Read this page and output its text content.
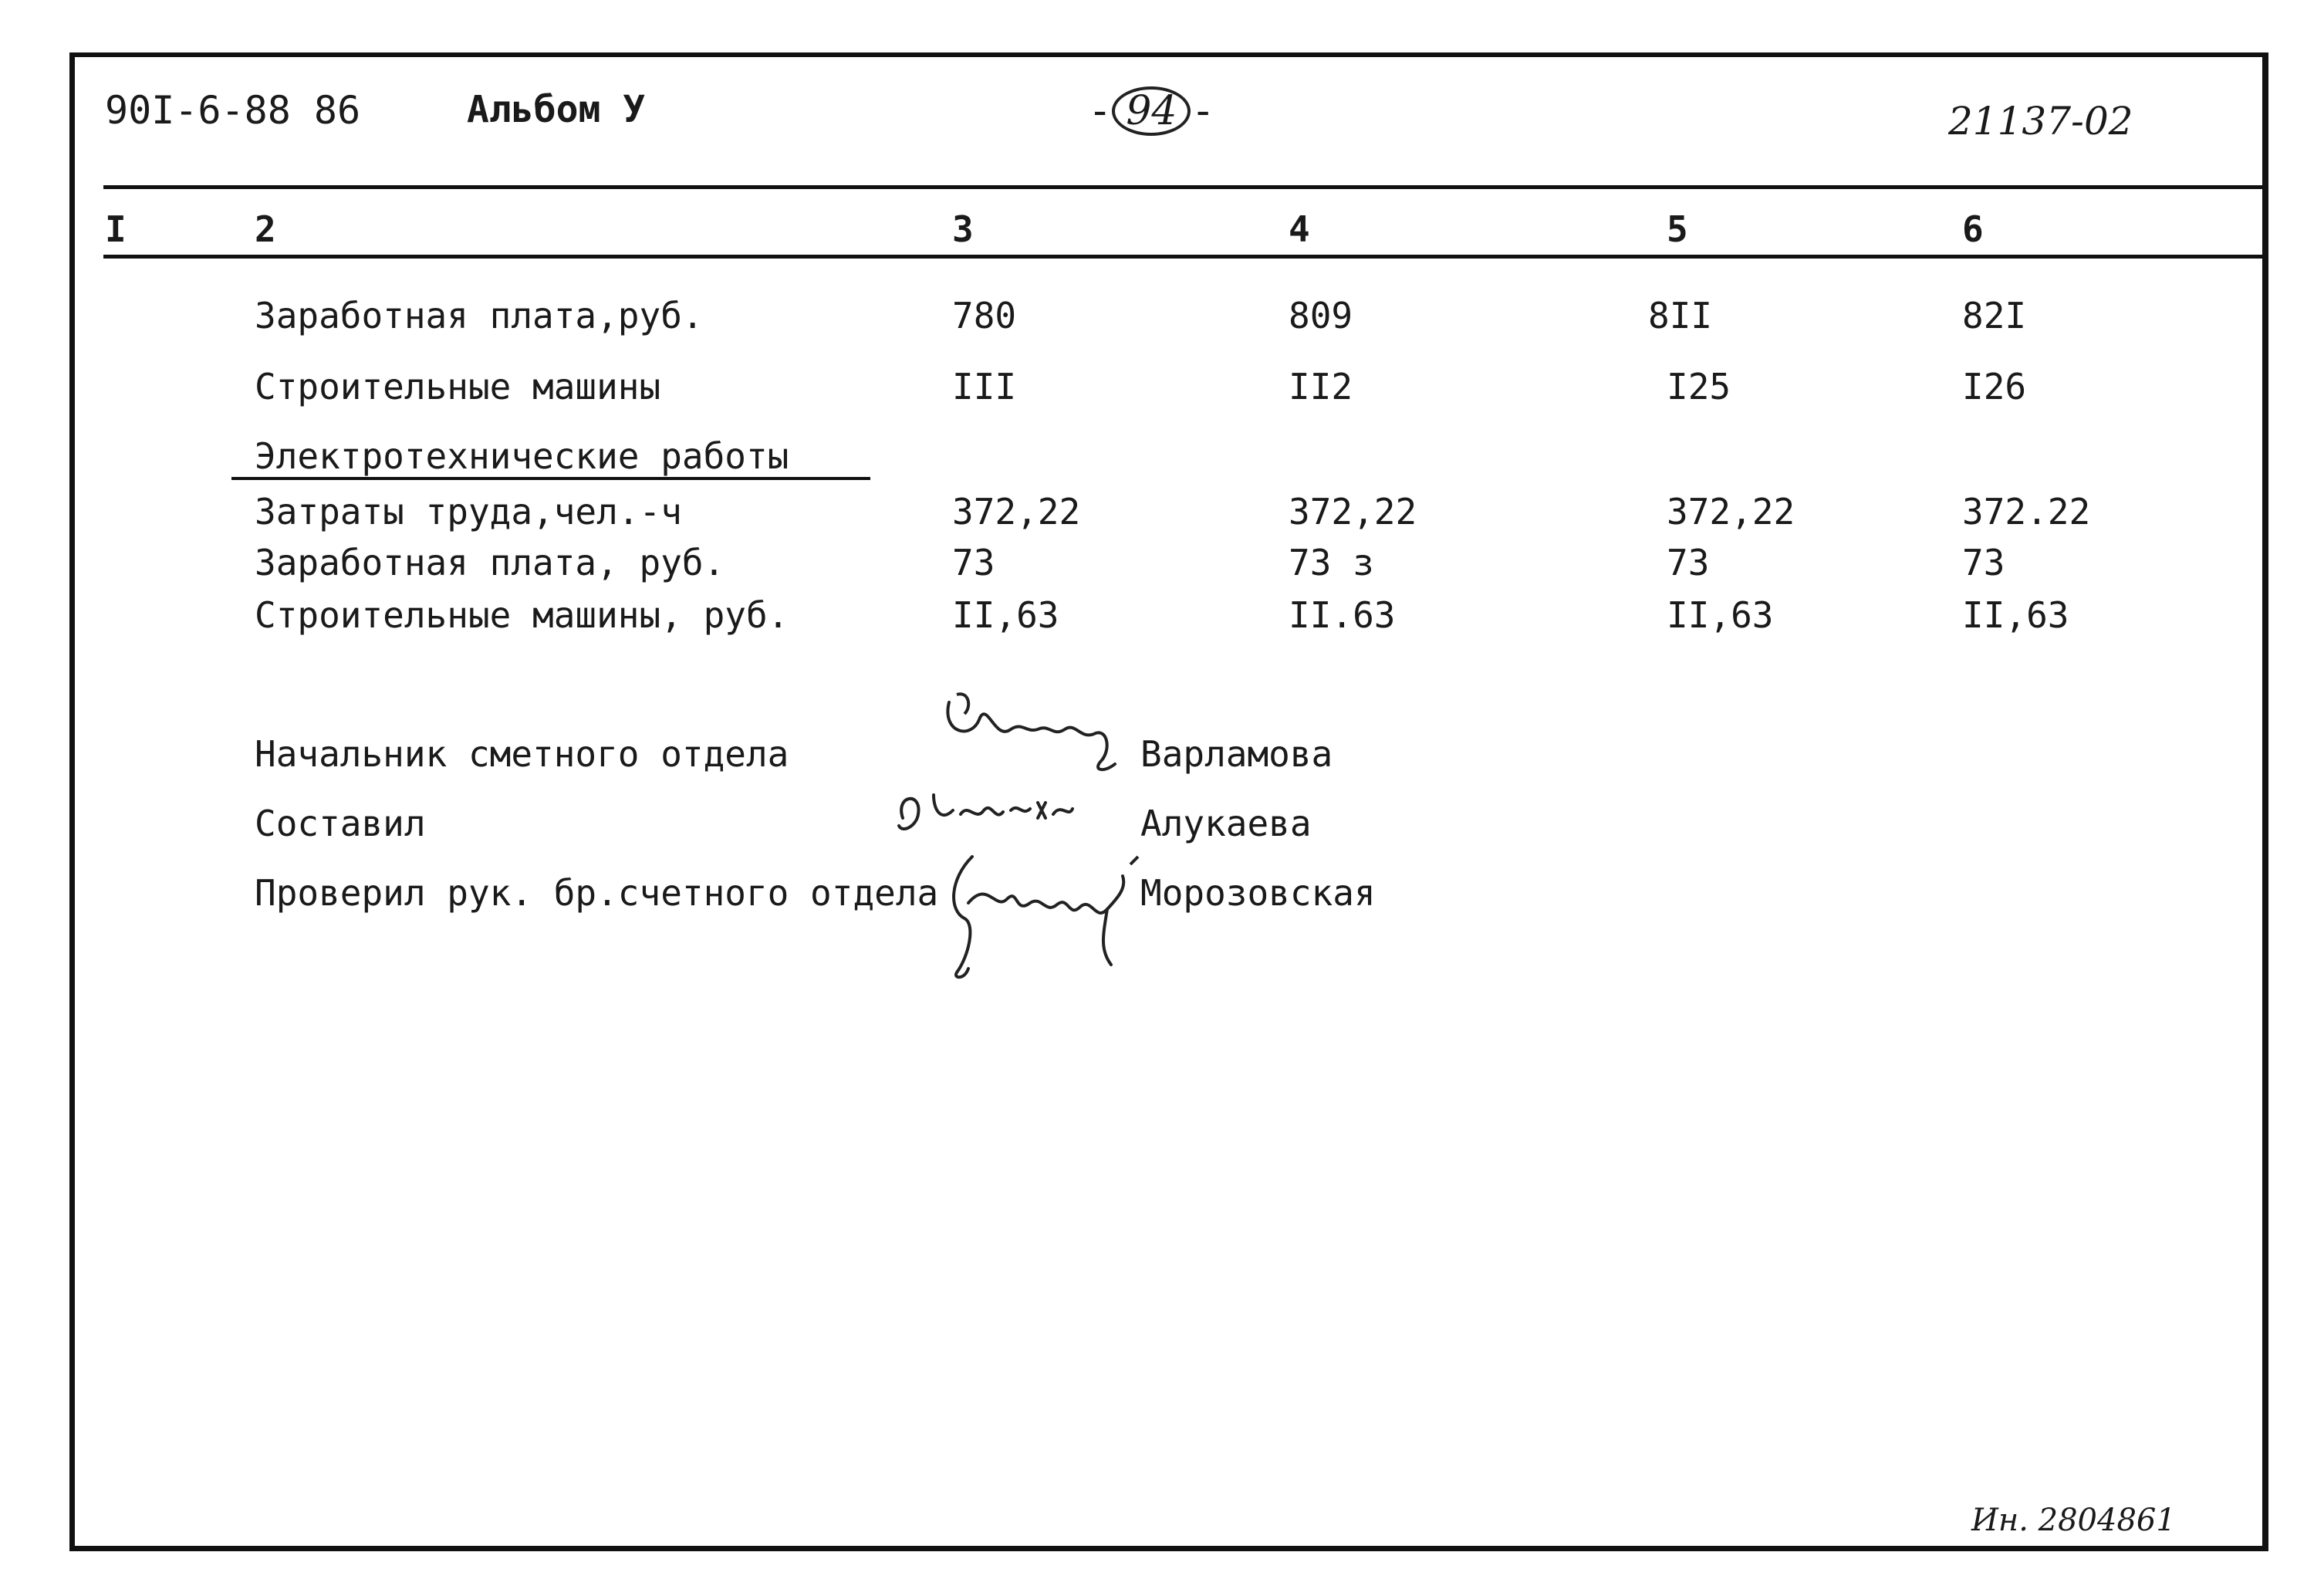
90I-6-88 86	Альбом У	- 94 -	21137-02
I	2	3	4	5	6
Заработная плата,руб.	780	809	8II	82I
Строительные машины	III	II2	I25	I26
Электротехнические работы
Затраты труда,чел.-ч	372,22	372,22	372,22	372.22
Заработная плата, руб.	73	73 з	73	73
Строительные машины, руб.	II,63	II.63	II,63	II,63
Начальник сметного отдела	Варламова
Составил	Алукаева
Проверил рук. бр.счетного отдела	Морозовская
Ин. 2804861
